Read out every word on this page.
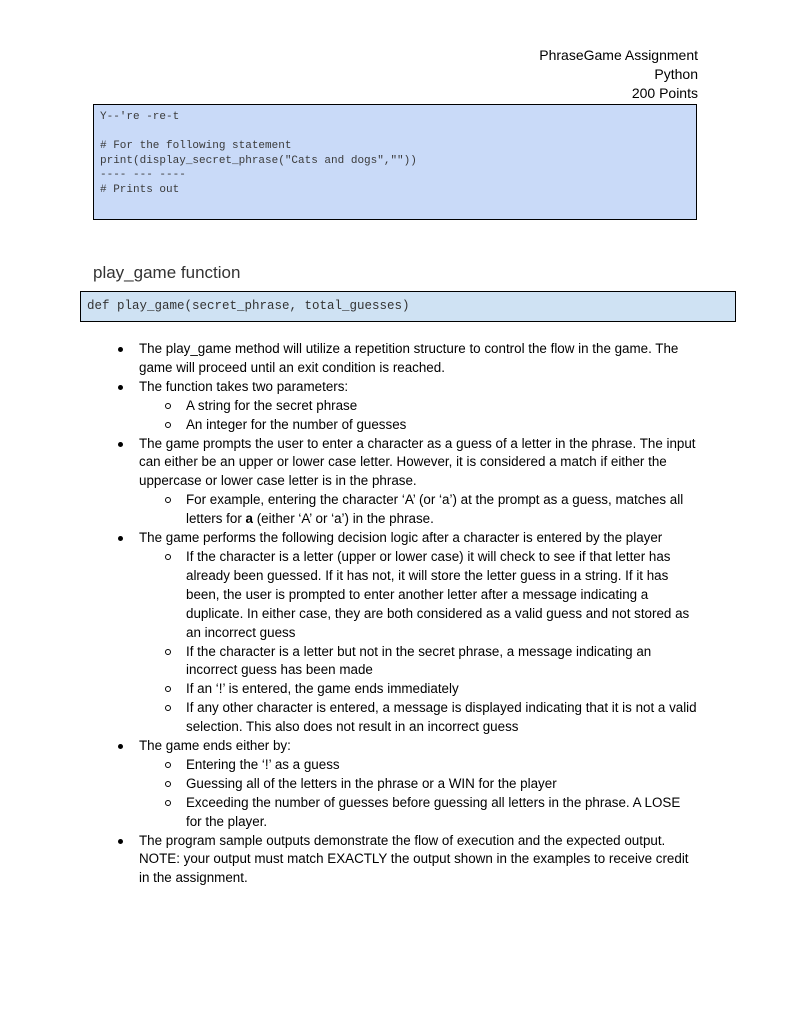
PhraseGame Assignment
Python
200 Points
Y--'re -re-t
# For the following statement
print(display_secret_phrase("Cats and dogs",""))
---- --- ----
# Prints out
play_game function
def play_game(secret_phrase, total_guesses)
The play_game method will utilize a repetition structure to control the flow in the game. The game will proceed until an exit condition is reached.
The function takes two parameters:
A string for the secret phrase
An integer for the number of guesses
The game prompts the user to enter a character as a guess of a letter in the phrase. The input can either be an upper or lower case letter. However, it is considered a match if either the uppercase or lower case letter is in the phrase.
For example, entering the character ‘A’ (or ‘a’) at the prompt as a guess, matches all letters for a (either ‘A’ or ‘a’) in the phrase.
The game performs the following decision logic after a character is entered by the player
If the character is a letter (upper or lower case) it will check to see if that letter has already been guessed. If it has not, it will store the letter guess in a string. If it has been, the user is prompted to enter another letter after a message indicating a duplicate. In either case, they are both considered as a valid guess and not stored as an incorrect guess
If the character is a letter but not in the secret phrase, a message indicating an incorrect guess has been made
If an ‘!’ is entered, the game ends immediately
If any other character is entered, a message is displayed indicating that it is not a valid selection. This also does not result in an incorrect guess
The game ends either by:
Entering the ‘!’ as a guess
Guessing all of the letters in the phrase or a WIN for the player
Exceeding the number of guesses before guessing all letters in the phrase. A LOSE for the player.
The program sample outputs demonstrate the flow of execution and the expected output. NOTE: your output must match EXACTLY the output shown in the examples to receive credit in the assignment.
